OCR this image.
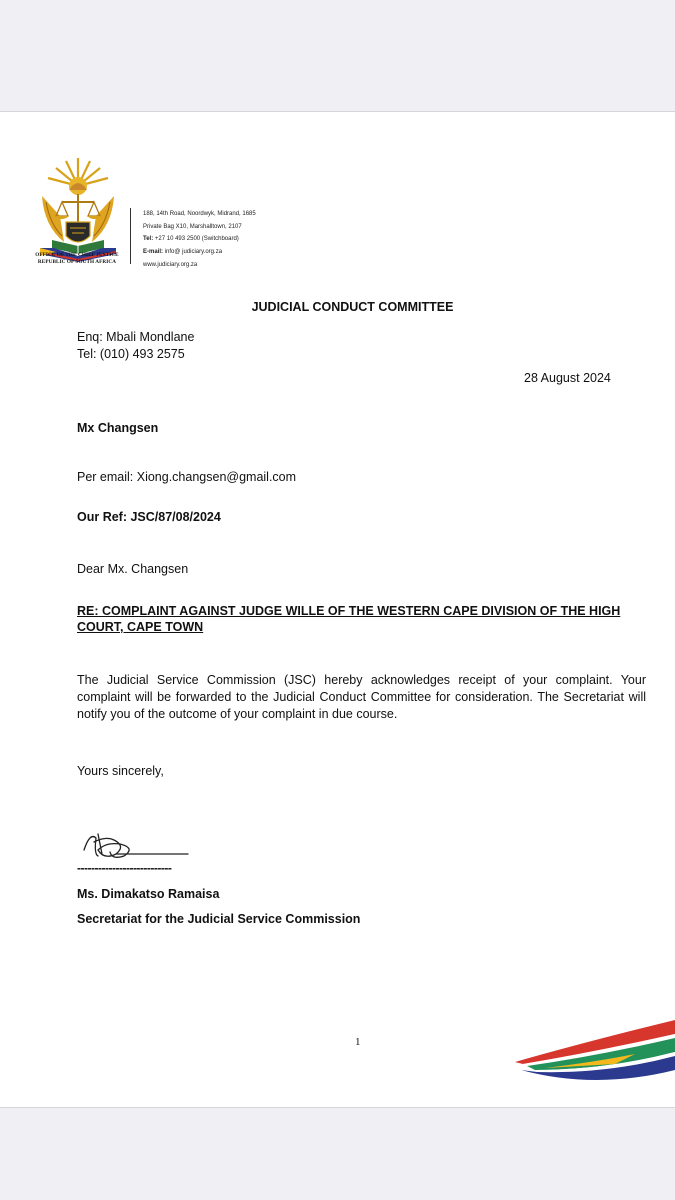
OFFICE OF THE CHIEF JUSTICE
REPUBLIC OF SOUTH AFRICA
188, 14th Road, Noordwyk, Midrand, 1685
Private Bag X10, Marshalltown, 2107
Tel: +27 10 493 2500 (Switchboard)
E-mail: info@ judiciary.org.za
www.judiciary.org.za
JUDICIAL CONDUCT COMMITTEE
Enq: Mbali Mondlane
Tel: (010) 493 2575
28 August 2024
Mx Changsen
Per email: Xiong.changsen@gmail.com
Our Ref: JSC/87/08/2024
Dear Mx. Changsen
RE: COMPLAINT AGAINST JUDGE WILLE OF THE WESTERN CAPE DIVISION OF THE HIGH COURT, CAPE TOWN
The Judicial Service Commission (JSC) hereby acknowledges receipt of your complaint. Your complaint will be forwarded to the Judicial Conduct Committee for consideration. The Secretariat will notify you of the outcome of your complaint in due course.
Yours sincerely,
---------------------------
Ms. Dimakatso Ramaisa
Secretariat for the Judicial Service Commission
1
